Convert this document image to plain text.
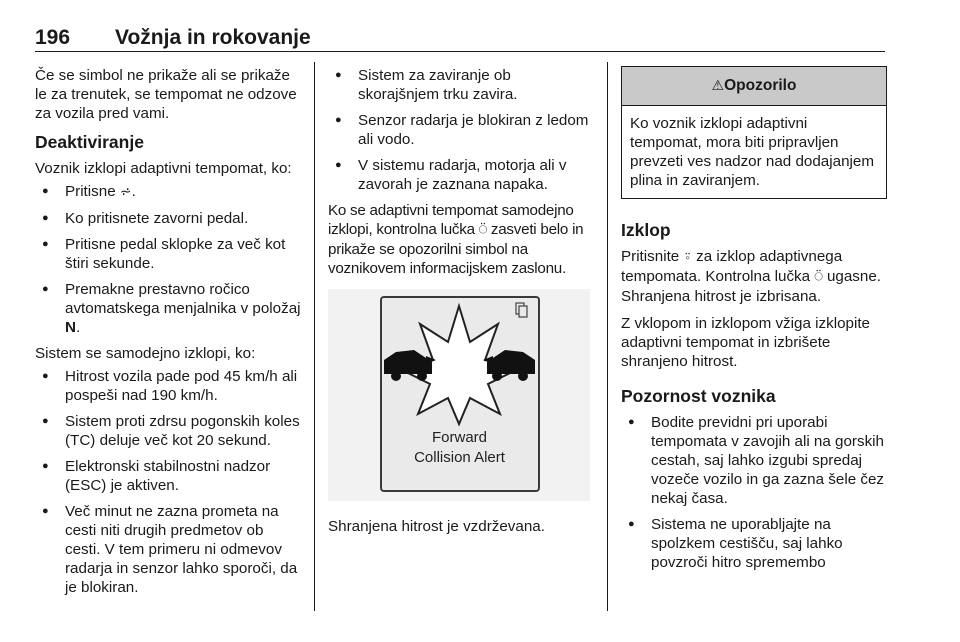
196 Vožnja in rokovanje

Če se simbol ne prikaže ali se prikaže le za trenutek, se tempomat ne odzove za vozila pred vami.

Deaktiviranje

Voznik izklopi adaptivni tempomat, ko:

● Pritisne ⩫.
● Ko pritisnete zavorni pedal.
● Pritisne pedal sklopke za več kot štiri sekunde.
● Premakne prestavno ročico avtomatskega menjalnika v položaj N.

Sistem se samodejno izklopi, ko:

● Hitrost vozila pade pod 45 km/h ali pospeši nad 190 km/h.
● Sistem proti zdrsu pogonskih koles (TC) deluje več kot 20 sekund.
● Elektronski stabilnostni nadzor (ESC) je aktiven.
● Več minut ne zazna prometa na cesti niti drugih predmetov ob cesti. V tem primeru ni odmevov radarja in senzor lahko sporoči, da je blokiran.
● Sistem za zaviranje ob skorajšnjem trku zavira.
● Senzor radarja je blokiran z ledom ali vodo.
● V sistemu radarja, motorja ali v zavorah je zaznana napaka.

Ko se adaptivni tempomat samodejno izklopi, kontrolna lučka ⍥ zasveti belo in prikaže se opozorilni simbol na voznikovem informacijskem zaslonu.

Forward
Collision Alert

Shranjena hitrost je vzdrževana.

⚠Opozorilo

Ko voznik izklopi adaptivni tempomat, mora biti pripravljen prevzeti ves nadzor nad dodajanjem plina in zaviranjem.

Izklop

Pritisnite ⍤ za izklop adaptivnega tempomata. Kontrolna lučka ⍥ ugasne. Shranjena hitrost je izbrisana.

Z vklopom in izklopom vžiga izklopite adaptivni tempomat in izbrišete shranjeno hitrost.

Pozornost voznika
● Bodite previdni pri uporabi tempomata v zavojih ali na gorskih cestah, saj lahko izgubi spredaj vozeče vozilo in ga zazna šele čez nekaj časa.
● Sistema ne uporabljajte na spolzkem cestišču, saj lahko povzroči hitro spremembo
